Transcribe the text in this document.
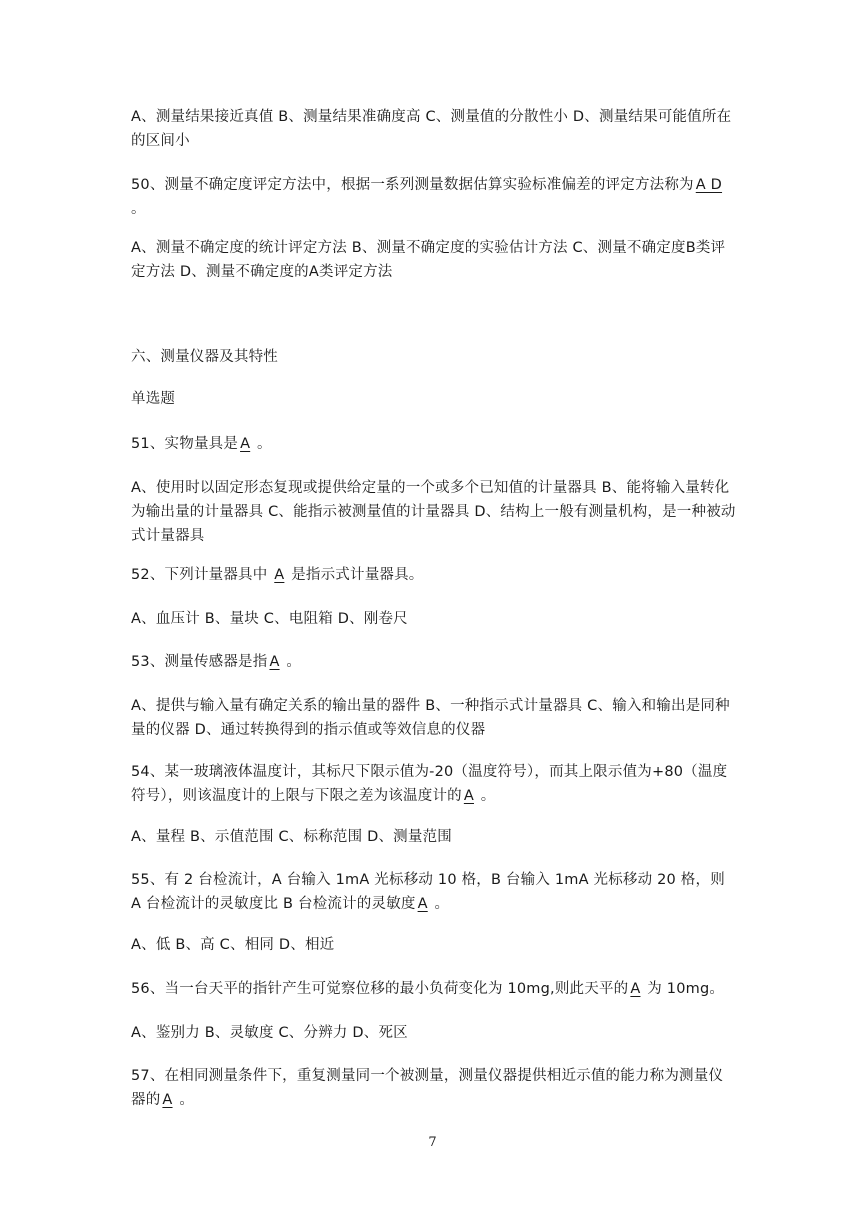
A、测量结果接近真值 B、测量结果准确度高 C、测量值的分散性小 D、测量结果可能值所在的区间小

50、测量不确定度评定方法中，根据一系列测量数据估算实验标准偏差的评定方法称为 A D 。

A、测量不确定度的统计评定方法 B、测量不确定度的实验估计方法 C、测量不确定度B类评定方法 D、测量不确定度的A类评定方法

六、测量仪器及其特性

单选题

51、实物量具是 A 。

A、使用时以固定形态复现或提供给定量的一个或多个已知值的计量器具 B、能将输入量转化为输出量的计量器具 C、能指示被测量值的计量器具 D、结构上一般有测量机构，是一种被动式计量器具

52、下列计量器具中 A 是指示式计量器具。

A、血压计 B、量块 C、电阻箱 D、刚卷尺

53、测量传感器是指 A 。

A、提供与输入量有确定关系的输出量的器件 B、一种指示式计量器具 C、输入和输出是同种量的仪器 D、通过转换得到的指示值或等效信息的仪器

54、某一玻璃液体温度计，其标尺下限示值为-20（温度符号），而其上限示值为+80（温度符号），则该温度计的上限与下限之差为该温度计的 A 。

A、量程 B、示值范围 C、标称范围 D、测量范围

55、有 2 台检流计，A 台输入 1mA 光标移动 10 格，B 台输入 1mA 光标移动 20 格，则 A 台检流计的灵敏度比 B 台检流计的灵敏度 A 。

A、低 B、高 C、相同 D、相近

56、当一台天平的指针产生可觉察位移的最小负荷变化为 10mg,则此天平的 A 为 10mg。

A、鉴别力 B、灵敏度 C、分辨力 D、死区

57、在相同测量条件下，重复测量同一个被测量，测量仪器提供相近示值的能力称为测量仪器的 A 。

7
